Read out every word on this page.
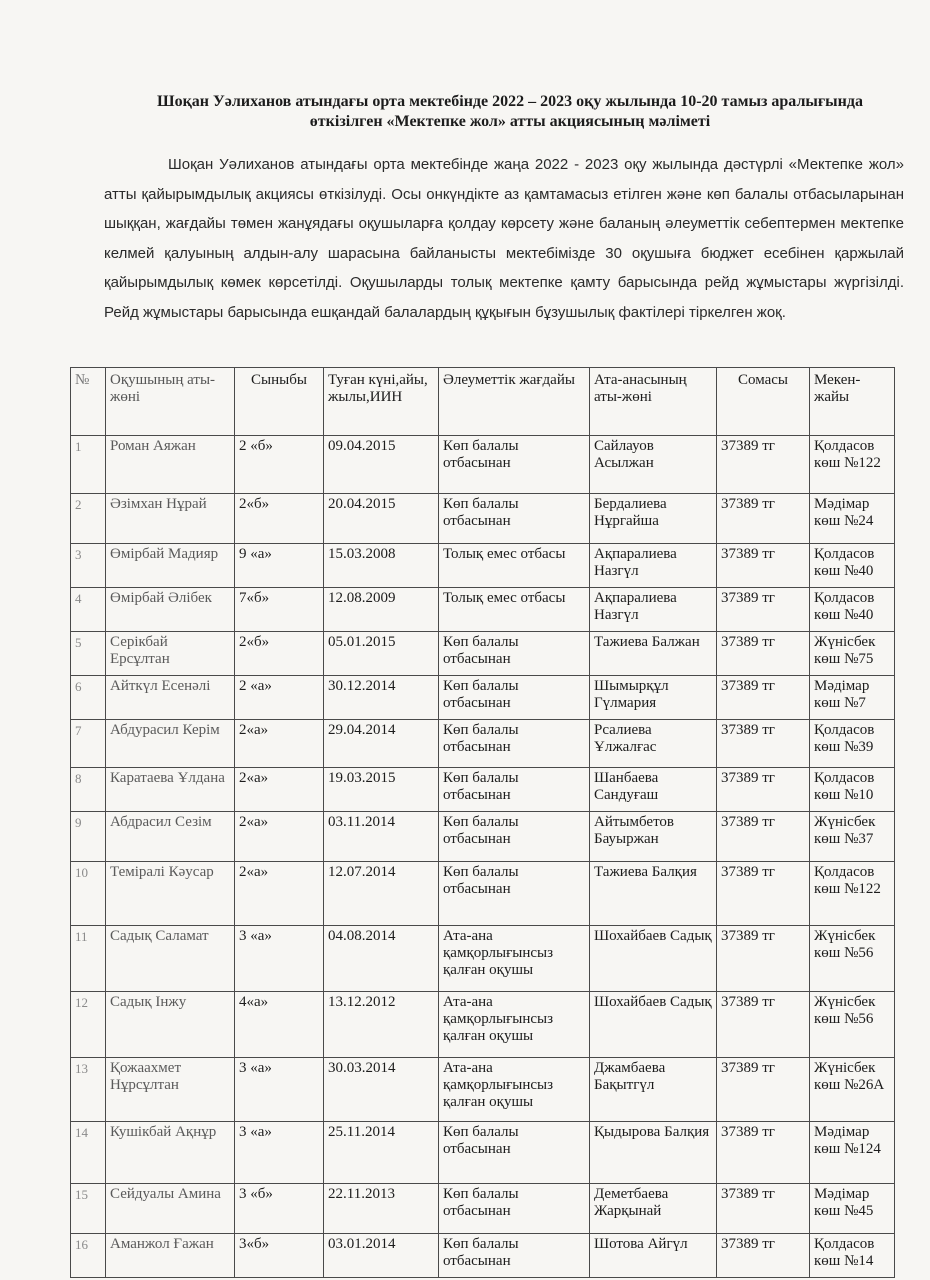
Шоқан Уәлиханов атындағы орта мектебінде 2022 – 2023 оқу жылында 10-20 тамыз аралығында өткізілген «Мектепке жол» атты акциясының мәліметі
Шоқан Уәлиханов атындағы орта мектебінде жаңа 2022 - 2023 оқу жылында дәстүрлі «Мектепке жол» атты қайырымдылық акциясы өткізілуді. Осы онкүндікте аз қамтамасыз етілген және көп балалы отбасыларынан шыққан, жағдайы төмен жанұядағы оқушыларға қолдау көрсету және баланың әлеуметтік себептермен мектепке келмей қалуының алдын-алу шарасына байланысты мектебімізде 30 оқушыға бюджет есебінен қаржылай қайырымдылық көмек көрсетілді. Оқушыларды толық мектепке қамту барысында рейд жұмыстары жүргізілді. Рейд жұмыстары барысында ешқандай балалардың құқығын бұзушылық фактілері тіркелген жоқ.
№	Оқушының аты-жөні	Сыныбы	Туған күні,айы, жылы,ИИН	Әлеуметтік жағдайы	Ата-анасының аты-жөні	Сомасы	Мекен-жайы
1	Роман Аяжан	2 «б»	09.04.2015	Көп балалы отбасынан	Сайлауов Асылжан	37389 тг	Қолдасов көш №122
2	Әзімхан Нұрай	2«б»	20.04.2015	Көп балалы отбасынан	Бердалиева Нұргайша	37389 тг	Мәдімар көш №24
3	Өмірбай Мадияр	9 «а»	15.03.2008	Толық емес отбасы	Ақпаралиева Назгүл	37389 тг	Қолдасов көш №40
4	Өмірбай Әлібек	7«б»	12.08.2009	Толық емес отбасы	Ақпаралиева Назгүл	37389 тг	Қолдасов көш №40
5	Серікбай Ерсұлтан	2«б»	05.01.2015	Көп балалы отбасынан	Тажиева Балжан	37389 тг	Жүнісбек көш №75
6	Айткүл Есенәлі	2 «а»	30.12.2014	Көп балалы отбасынан	Шымырқұл Гүлмария	37389 тг	Мәдімар көш №7
7	Абдурасил Керім	2«а»	29.04.2014	Көп балалы отбасынан	Рсалиева Ұлжалғас	37389 тг	Қолдасов көш №39
8	Каратаева Ұлдана	2«а»	19.03.2015	Көп балалы отбасынан	Шанбаева Сандуғаш	37389 тг	Қолдасов көш №10
9	Абдрасил Сезім	2«а»	03.11.2014	Көп балалы отбасынан	Айтымбетов Бауыржан	37389 тг	Жүнісбек көш №37
10	Теміралі Кәусар	2«а»	12.07.2014	Көп балалы отбасынан	Тажиева Балқия	37389 тг	Қолдасов көш №122
11	Садық Саламат	3 «а»	04.08.2014	Ата-ана қамқорлығынсыз қалған оқушы	Шохайбаев Садық	37389 тг	Жүнісбек көш №56
12	Садық Інжу	4«а»	13.12.2012	Ата-ана қамқорлығынсыз қалған оқушы	Шохайбаев Садық	37389 тг	Жүнісбек көш №56
13	Қожаахмет Нұрсұлтан	3 «а»	30.03.2014	Ата-ана қамқорлығынсыз қалған оқушы	Джамбаева Бақытгүл	37389 тг	Жүнісбек көш №26А
14	Кушікбай Ақнұр	3 «а»	25.11.2014	Көп балалы отбасынан	Қыдырова Балқия	37389 тг	Мәдімар көш №124
15	Сейдуалы Амина	3 «б»	22.11.2013	Көп балалы отбасынан	Деметбаева Жарқынай	37389 тг	Мәдімар көш №45
16	Аманжол Ғажан	3«б»	03.01.2014	Көп балалы отбасынан	Шотова Айгүл	37389 тг	Қолдасов көш №14
